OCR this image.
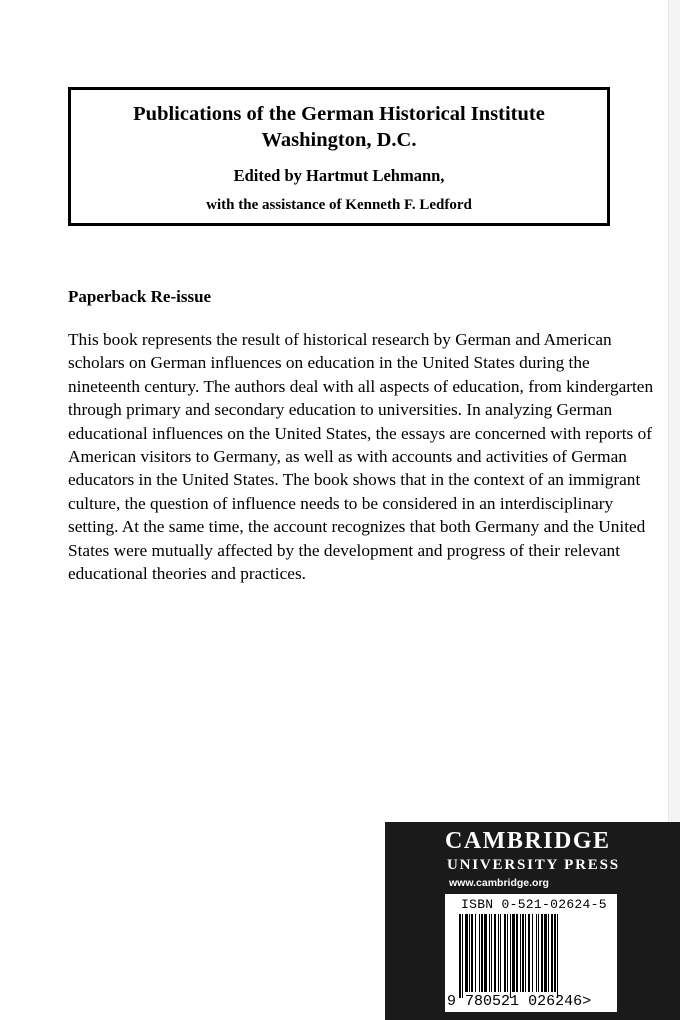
Publications of the German Historical Institute
Washington, D.C.
Edited by Hartmut Lehmann,
with the assistance of Kenneth F. Ledford
Paperback Re-issue

This book represents the result of historical research by German and American scholars on German influences on education in the United States during the nineteenth century. The authors deal with all aspects of education, from kindergarten through primary and secondary education to universities. In analyzing German educational influences on the United States, the essays are concerned with reports of American visitors to Germany, as well as with accounts and activities of German educators in the United States. The book shows that in the context of an immigrant culture, the question of influence needs to be considered in an interdisciplinary setting. At the same time, the account recognizes that both Germany and the United States were mutually affected by the development and progress of their relevant educational theories and practices.

CAMBRIDGE
UNIVERSITY PRESS
www.cambridge.org
ISBN 0-521-02624-5
9 780521 026246>
